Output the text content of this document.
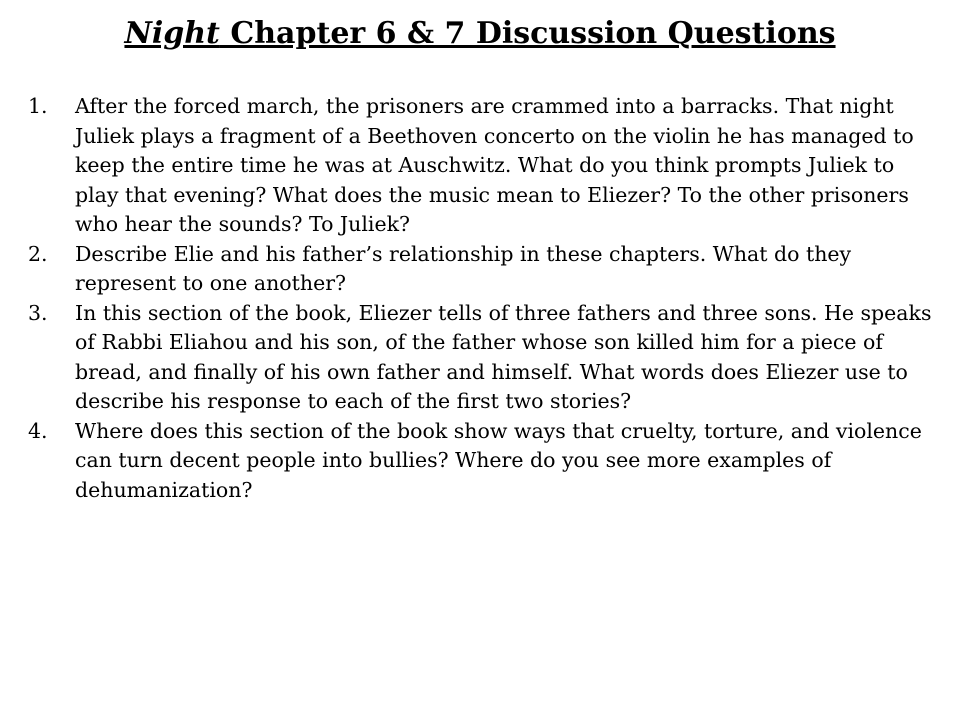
Night Chapter 6 & 7 Discussion Questions
1.	After the forced march, the prisoners are crammed into a barracks. That night Juliek plays a fragment of a Beethoven concerto on the violin he has managed to keep the entire time he was at Auschwitz. What do you think prompts Juliek to play that evening? What does the music mean to Eliezer? To the other prisoners who hear the sounds? To Juliek?
2.	Describe Elie and his father’s relationship in these chapters. What do they represent to one another?
3.	In this section of the book, Eliezer tells of three fathers and three sons. He speaks of Rabbi Eliahou and his son, of the father whose son killed him for a piece of bread, and finally of his own father and himself. What words does Eliezer use to describe his response to each of the first two stories?
4.	Where does this section of the book show ways that cruelty, torture, and violence can turn decent people into bullies? Where do you see more examples of dehumanization?
